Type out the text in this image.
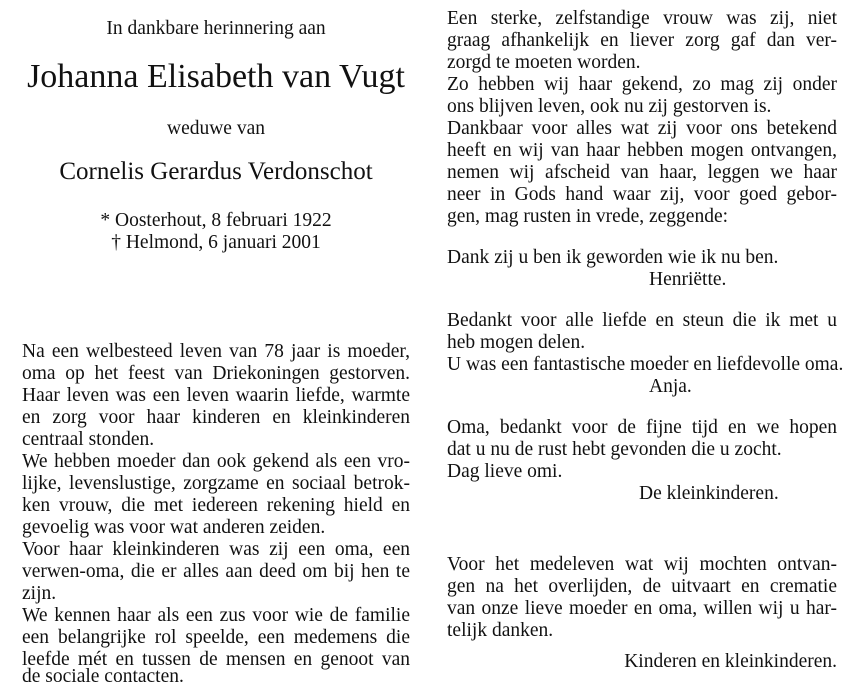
In dankbare herinnering aan
Johanna Elisabeth van Vugt
weduwe van
Cornelis Gerardus Verdonschot
* Oosterhout, 8 februari 1922
† Helmond, 6 januari 2001
Na een welbesteed leven van 78 jaar is moeder,
oma op het feest van Driekoningen gestorven.
Haar leven was een leven waarin liefde, warmte
en zorg voor haar kinderen en kleinkinderen
centraal stonden.
We hebben moeder dan ook gekend als een vro-
lijke, levenslustige, zorgzame en sociaal betrok-
ken vrouw, die met iedereen rekening hield en
gevoelig was voor wat anderen zeiden.
Voor haar kleinkinderen was zij een oma, een
verwen-oma, die er alles aan deed om bij hen te
zijn.
We kennen haar als een zus voor wie de familie
een belangrijke rol speelde, een medemens die
leefde mét en tussen de mensen en genoot van
de sociale contacten.
Een sterke, zelfstandige vrouw was zij, niet
graag afhankelijk en liever zorg gaf dan ver-
zorgd te moeten worden.
Zo hebben wij haar gekend, zo mag zij onder
ons blijven leven, ook nu zij gestorven is.
Dankbaar voor alles wat zij voor ons betekend
heeft en wij van haar hebben mogen ontvangen,
nemen wij afscheid van haar, leggen we haar
neer in Gods hand waar zij, voor goed gebor-
gen, mag rusten in vrede, zeggende:
Dank zij u ben ik geworden wie ik nu ben.
Henriëtte.
Bedankt voor alle liefde en steun die ik met u
heb mogen delen.
U was een fantastische moeder en liefdevolle oma.
Anja.
Oma, bedankt voor de fijne tijd en we hopen
dat u nu de rust hebt gevonden die u zocht.
Dag lieve omi.
De kleinkinderen.
Voor het medeleven wat wij mochten ontvan-
gen na het overlijden, de uitvaart en crematie
van onze lieve moeder en oma, willen wij u har-
telijk danken.
Kinderen en kleinkinderen.
